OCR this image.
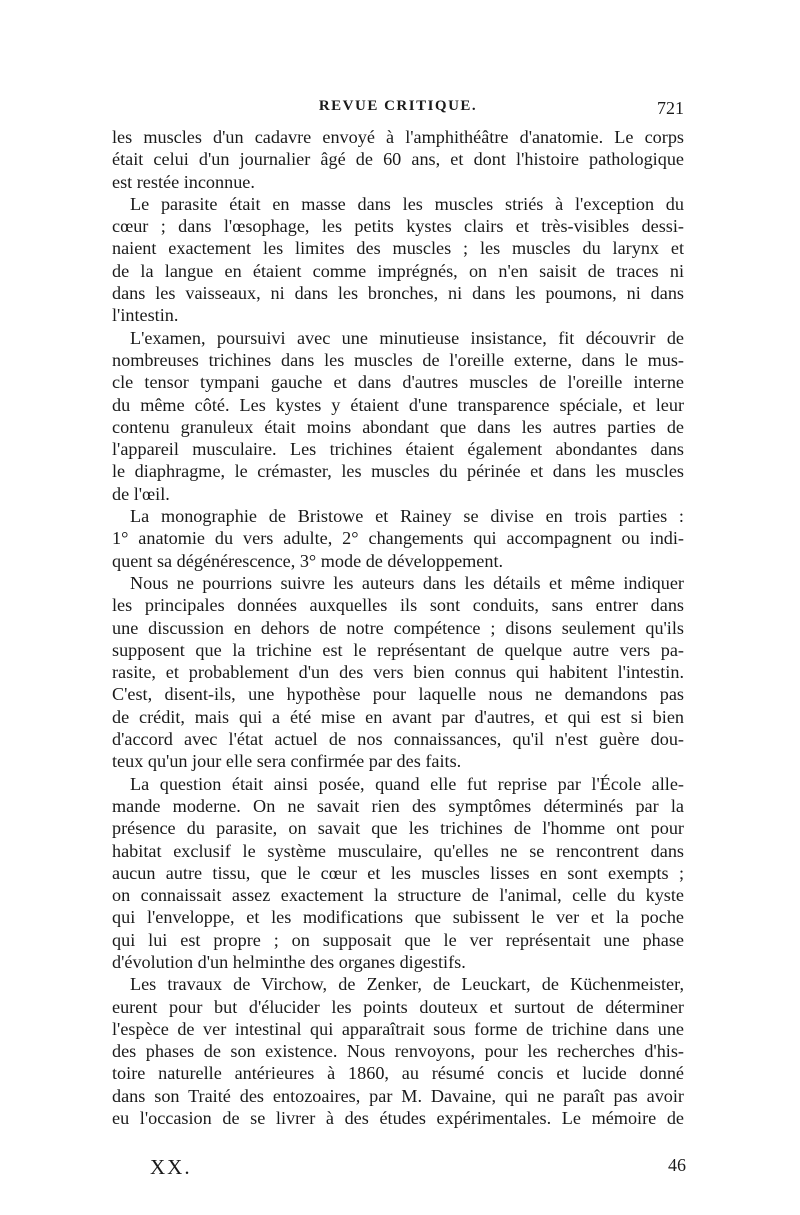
REVUE CRITIQUE.	721
les muscles d'un cadavre envoyé à l'amphithéâtre d'anatomie. Le corps
était celui d'un journalier âgé de 60 ans, et dont l'histoire pathologique
est restée inconnue.
Le parasite était en masse dans les muscles striés à l'exception du
cœur ; dans l'œsophage, les petits kystes clairs et très-visibles dessi-
naient exactement les limites des muscles ; les muscles du larynx et
de la langue en étaient comme imprégnés, on n'en saisit de traces ni
dans les vaisseaux, ni dans les bronches, ni dans les poumons, ni dans
l'intestin.
L'examen, poursuivi avec une minutieuse insistance, fit découvrir de
nombreuses trichines dans les muscles de l'oreille externe, dans le mus-
cle tensor tympani gauche et dans d'autres muscles de l'oreille interne
du même côté. Les kystes y étaient d'une transparence spéciale, et leur
contenu granuleux était moins abondant que dans les autres parties de
l'appareil musculaire. Les trichines étaient également abondantes dans
le diaphragme, le crémaster, les muscles du périnée et dans les muscles
de l'œil.
La monographie de Bristowe et Rainey se divise en trois parties :
1° anatomie du vers adulte, 2° changements qui accompagnent ou indi-
quent sa dégénérescence, 3° mode de développement.
Nous ne pourrions suivre les auteurs dans les détails et même indiquer
les principales données auxquelles ils sont conduits, sans entrer dans
une discussion en dehors de notre compétence ; disons seulement qu'ils
supposent que la trichine est le représentant de quelque autre vers pa-
rasite, et probablement d'un des vers bien connus qui habitent l'intestin.
C'est, disent-ils, une hypothèse pour laquelle nous ne demandons pas
de crédit, mais qui a été mise en avant par d'autres, et qui est si bien
d'accord avec l'état actuel de nos connaissances, qu'il n'est guère dou-
teux qu'un jour elle sera confirmée par des faits.
La question était ainsi posée, quand elle fut reprise par l'École alle-
mande moderne. On ne savait rien des symptômes déterminés par la
présence du parasite, on savait que les trichines de l'homme ont pour
habitat exclusif le système musculaire, qu'elles ne se rencontrent dans
aucun autre tissu, que le cœur et les muscles lisses en sont exempts ;
on connaissait assez exactement la structure de l'animal, celle du kyste
qui l'enveloppe, et les modifications que subissent le ver et la poche
qui lui est propre ; on supposait que le ver représentait une phase
d'évolution d'un helminthe des organes digestifs.
Les travaux de Virchow, de Zenker, de Leuckart, de Küchenmeister,
eurent pour but d'élucider les points douteux et surtout de déterminer
l'espèce de ver intestinal qui apparaîtrait sous forme de trichine dans une
des phases de son existence. Nous renvoyons, pour les recherches d'his-
toire naturelle antérieures à 1860, au résumé concis et lucide donné
dans son Traité des entozoaires, par M. Davaine, qui ne paraît pas avoir
eu l'occasion de se livrer à des études expérimentales. Le mémoire de
XX.	46
